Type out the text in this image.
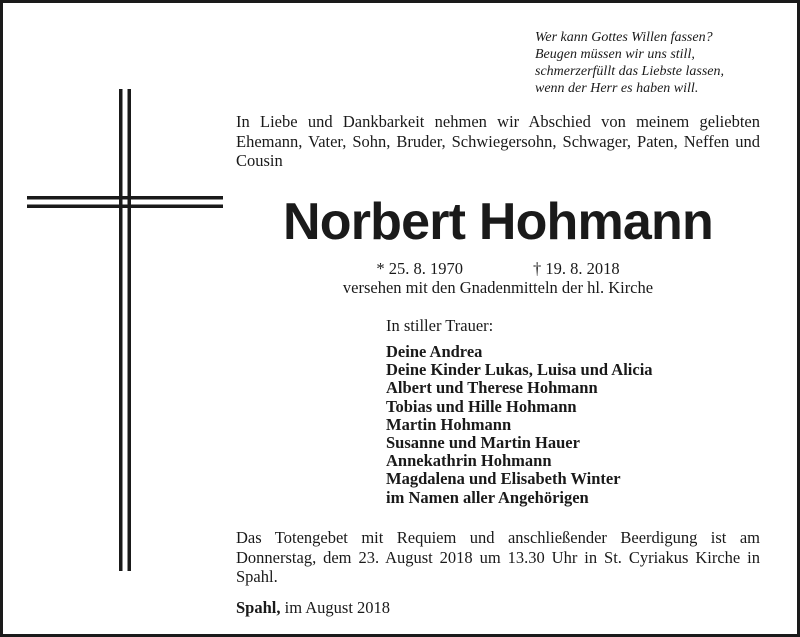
Wer kann Gottes Willen fassen?
Beugen müssen wir uns still,
schmerzerfüllt das Liebste lassen,
wenn der Herr es haben will.
In Liebe und Dankbarkeit nehmen wir Abschied von meinem geliebten Ehemann, Vater, Sohn, Bruder, Schwiegersohn, Schwager, Paten, Neffen und Cousin
Norbert Hohmann
* 25. 8. 1970	† 19. 8. 2018
versehen mit den Gnadenmitteln der hl. Kirche
In stiller Trauer:
Deine Andrea
Deine Kinder Lukas, Luisa und Alicia
Albert und Therese Hohmann
Tobias und Hille Hohmann
Martin Hohmann
Susanne und Martin Hauer
Annekathrin Hohmann
Magdalena und Elisabeth Winter
im Namen aller Angehörigen
Das Totengebet mit Requiem und anschließender Beerdigung ist am Donnerstag, dem 23. August 2018 um 13.30 Uhr in St. Cyriakus Kirche in Spahl.
Spahl, im August 2018
